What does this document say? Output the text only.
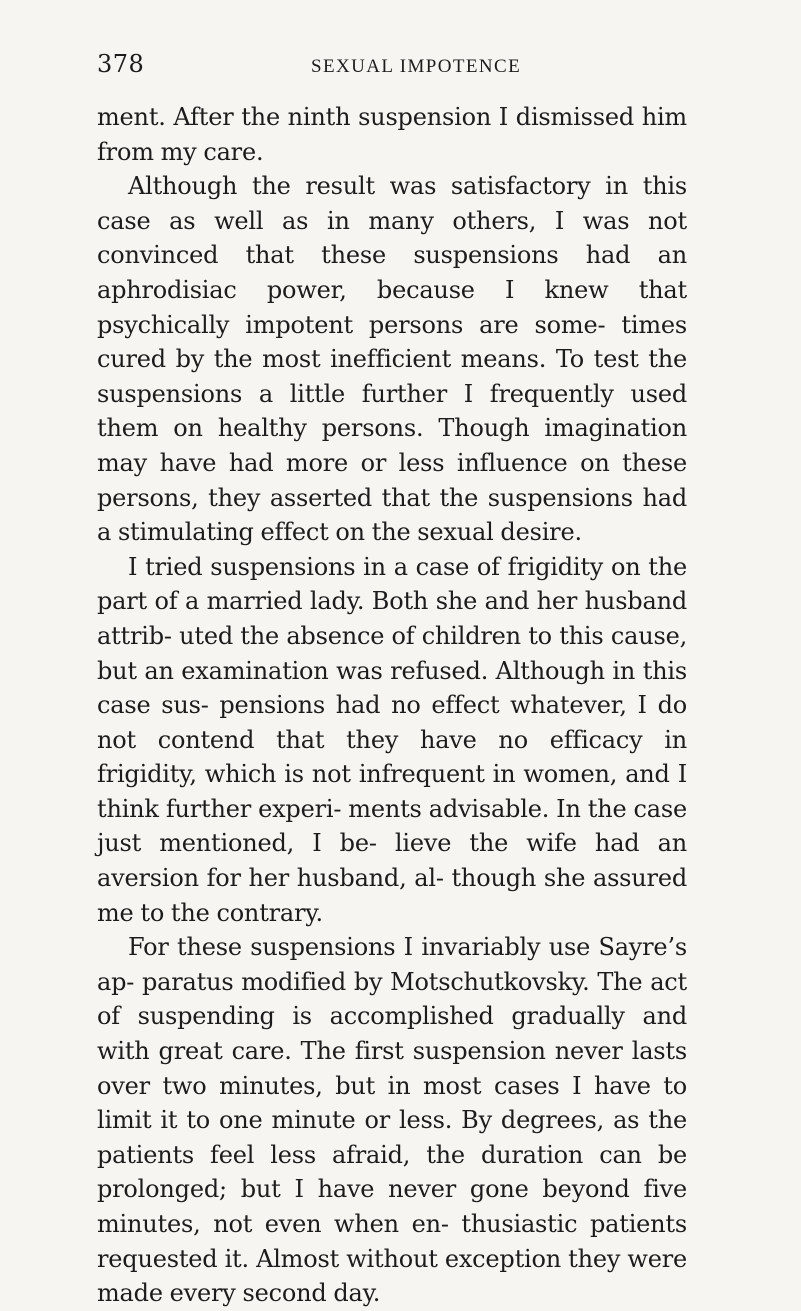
378	SEXUAL IMPOTENCE

ment. After the ninth suspension I dismissed him from my care.

Although the result was satisfactory in this case as well as in many others, I was not convinced that these suspensions had an aphrodisiac power, because I knew that psychically impotent persons are some- times cured by the most inefficient means. To test the suspensions a little further I frequently used them on healthy persons. Though imagination may have had more or less influence on these persons, they asserted that the suspensions had a stimulating effect on the sexual desire.

I tried suspensions in a case of frigidity on the part of a married lady. Both she and her husband attrib- uted the absence of children to this cause, but an examination was refused. Although in this case sus- pensions had no effect whatever, I do not contend that they have no efficacy in frigidity, which is not infrequent in women, and I think further experi- ments advisable. In the case just mentioned, I be- lieve the wife had an aversion for her husband, al- though she assured me to the contrary.

For these suspensions I invariably use Sayre’s ap- paratus modified by Motschutkovsky. The act of suspending is accomplished gradually and with great care. The first suspension never lasts over two minutes, but in most cases I have to limit it to one minute or less. By degrees, as the patients feel less afraid, the duration can be prolonged; but I have never gone beyond five minutes, not even when en- thusiastic patients requested it. Almost without exception they were made every second day.
